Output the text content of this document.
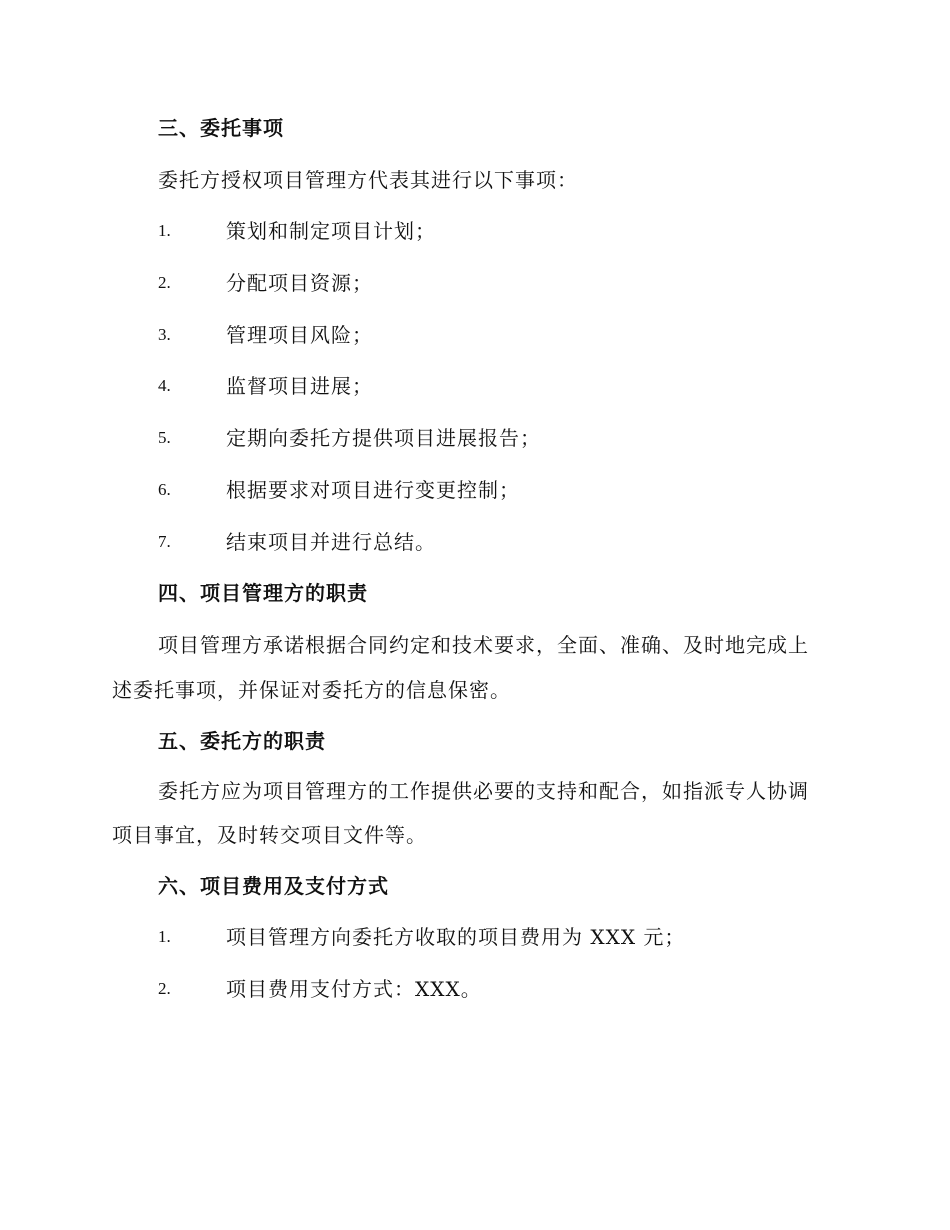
三、委托事项
委托方授权项目管理方代表其进行以下事项：
1.	策划和制定项目计划；
2.	分配项目资源；
3.	管理项目风险；
4.	监督项目进展；
5.	定期向委托方提供项目进展报告；
6.	根据要求对项目进行变更控制；
7.	结束项目并进行总结。
四、项目管理方的职责
项目管理方承诺根据合同约定和技术要求，全面、准确、及时地完成上
述委托事项，并保证对委托方的信息保密。
五、委托方的职责
委托方应为项目管理方的工作提供必要的支持和配合，如指派专人协调
项目事宜，及时转交项目文件等。
六、项目费用及支付方式
1.	项目管理方向委托方收取的项目费用为 XXX 元；
2.	项目费用支付方式：XXX。
